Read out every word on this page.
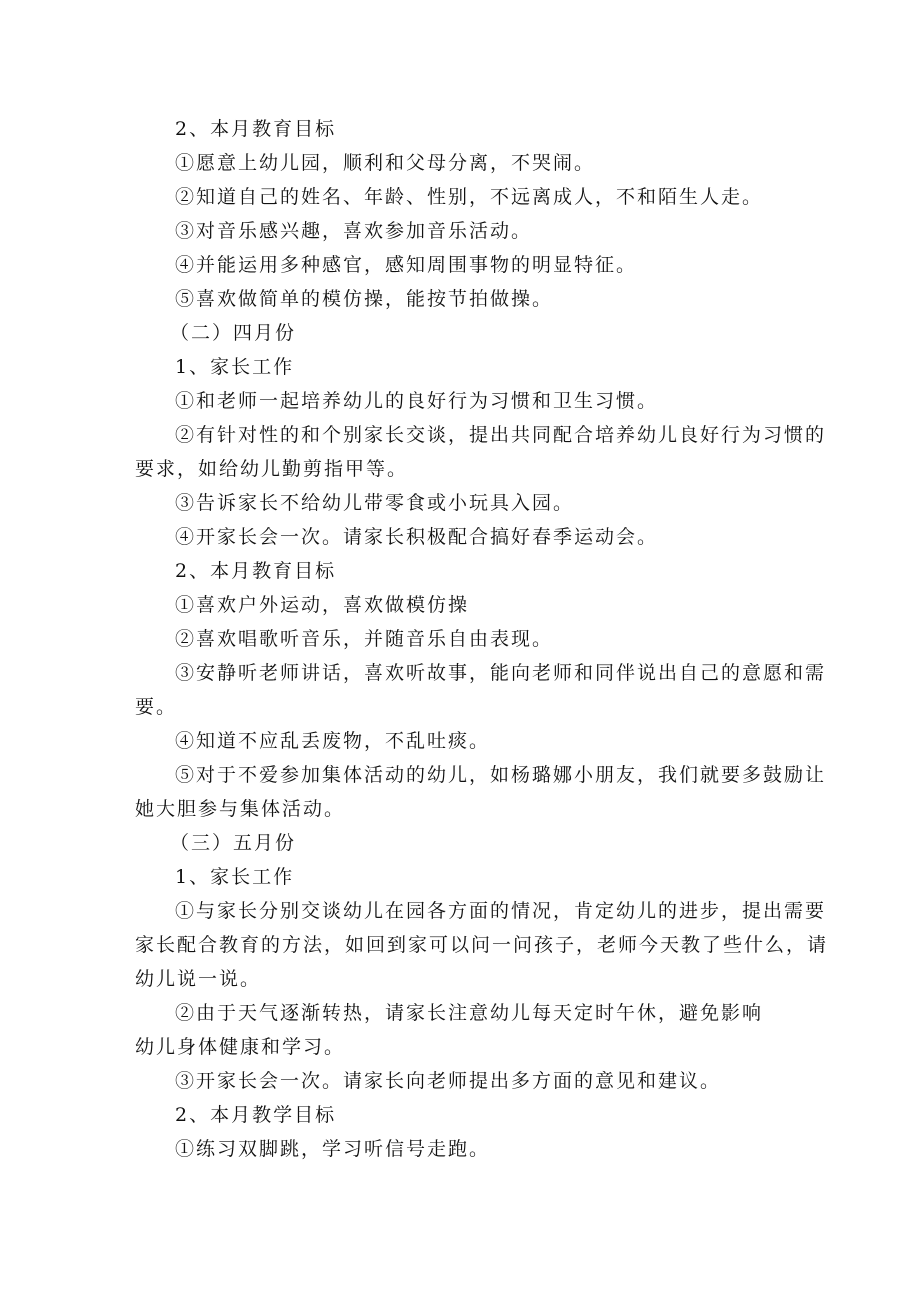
2、本月教育目标

①愿意上幼儿园，顺利和父母分离，不哭闹。

②知道自己的姓名、年龄、性别，不远离成人，不和陌生人走。

③对音乐感兴趣，喜欢参加音乐活动。

④并能运用多种感官，感知周围事物的明显特征。

⑤喜欢做简单的模仿操，能按节拍做操。

（二）四月份

1、家长工作

①和老师一起培养幼儿的良好行为习惯和卫生习惯。

②有针对性的和个别家长交谈，提出共同配合培养幼儿良好行为习惯的

要求，如给幼儿勤剪指甲等。

③告诉家长不给幼儿带零食或小玩具入园。

④开家长会一次。请家长积极配合搞好春季运动会。

2、本月教育目标

①喜欢户外运动，喜欢做模仿操

②喜欢唱歌听音乐，并随音乐自由表现。

③安静听老师讲话，喜欢听故事，能向老师和同伴说出自己的意愿和需

要。

④知道不应乱丢废物，不乱吐痰。

⑤对于不爱参加集体活动的幼儿，如杨璐娜小朋友，我们就要多鼓励让

她大胆参与集体活动。

（三）五月份

1、家长工作

①与家长分别交谈幼儿在园各方面的情况，肯定幼儿的进步，提出需要

家长配合教育的方法，如回到家可以问一问孩子，老师今天教了些什么，请

幼儿说一说。

②由于天气逐渐转热，请家长注意幼儿每天定时午休，避免影响

幼儿身体健康和学习。

③开家长会一次。请家长向老师提出多方面的意见和建议。

2、本月教学目标

①练习双脚跳，学习听信号走跑。
